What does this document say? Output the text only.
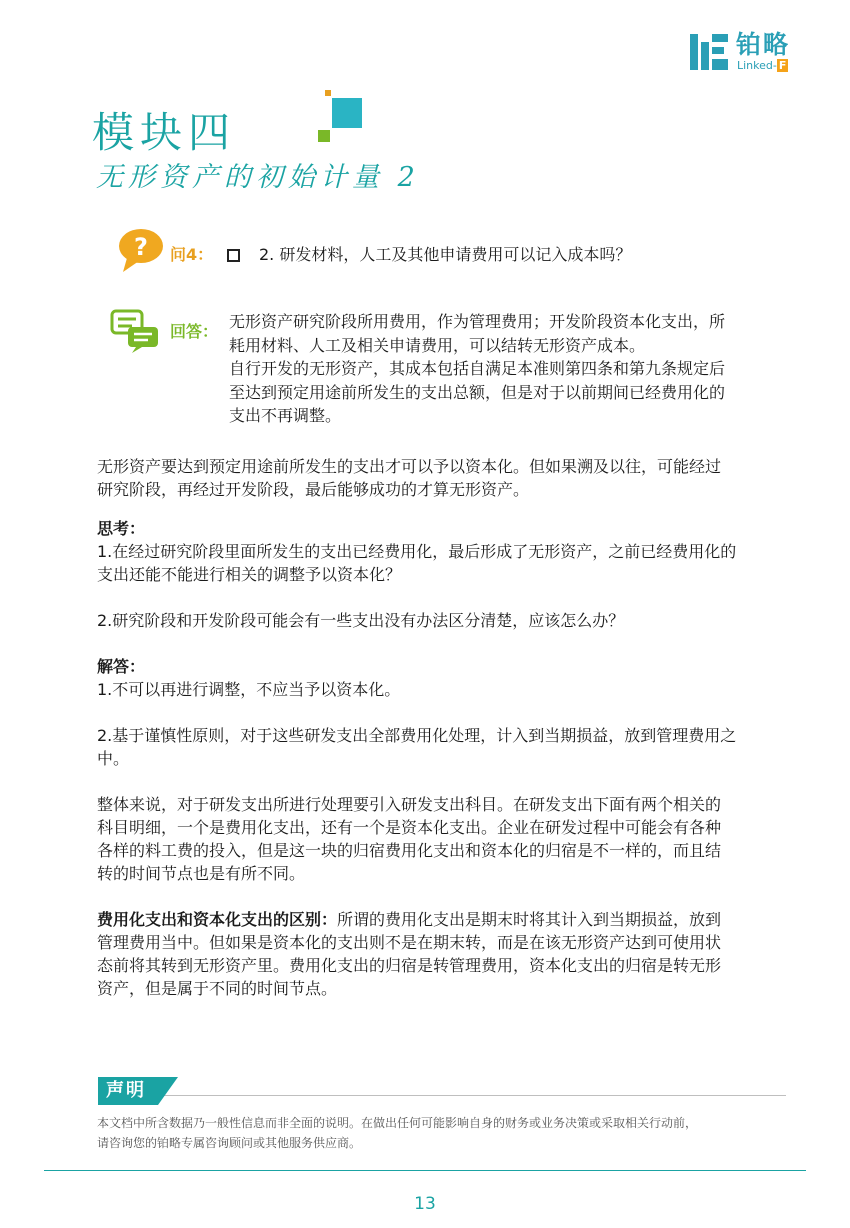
铂略
Linked- F
模块四
无形资产的初始计量 2
? 问4：	2. 研发材料，人工及其他申请费用可以记入成本吗？
回答：
无形资产研究阶段所用费用，作为管理费用；开发阶段资本化支出，所
耗用材料、人工及相关申请费用，可以结转无形资产成本。
自行开发的无形资产，其成本包括自满足本准则第四条和第九条规定后
至达到预定用途前所发生的支出总额，但是对于以前期间已经费用化的
支出不再调整。

无形资产要达到预定用途前所发生的支出才可以予以资本化。但如果溯及以往，可能经过
研究阶段，再经过开发阶段，最后能够成功的才算无形资产。

思考：

1.在经过研究阶段里面所发生的支出已经费用化，最后形成了无形资产，之前已经费用化的
支出还能不能进行相关的调整予以资本化？

2.研究阶段和开发阶段可能会有一些支出没有办法区分清楚，应该怎么办？

解答：

1.不可以再进行调整，不应当予以资本化。

2.基于谨慎性原则，对于这些研发支出全部费用化处理，计入到当期损益，放到管理费用之
中。

整体来说，对于研发支出所进行处理要引入研发支出科目。在研发支出下面有两个相关的
科目明细，一个是费用化支出，还有一个是资本化支出。企业在研发过程中可能会有各种
各样的料工费的投入，但是这一块的归宿费用化支出和资本化的归宿是不一样的，而且结
转的时间节点也是有所不同。

费用化支出和资本化支出的区别：所谓的费用化支出是期末时将其计入到当期损益，放到
管理费用当中。但如果是资本化的支出则不是在期末转，而是在该无形资产达到可使用状
态前将其转到无形资产里。费用化支出的归宿是转管理费用，资本化支出的归宿是转无形
资产，但是属于不同的时间节点。

声明
本文档中所含数据乃一般性信息而非全面的说明。在做出任何可能影响自身的财务或业务决策或采取相关行动前，
请咨询您的铂略专属咨询顾问或其他服务供应商。
13
